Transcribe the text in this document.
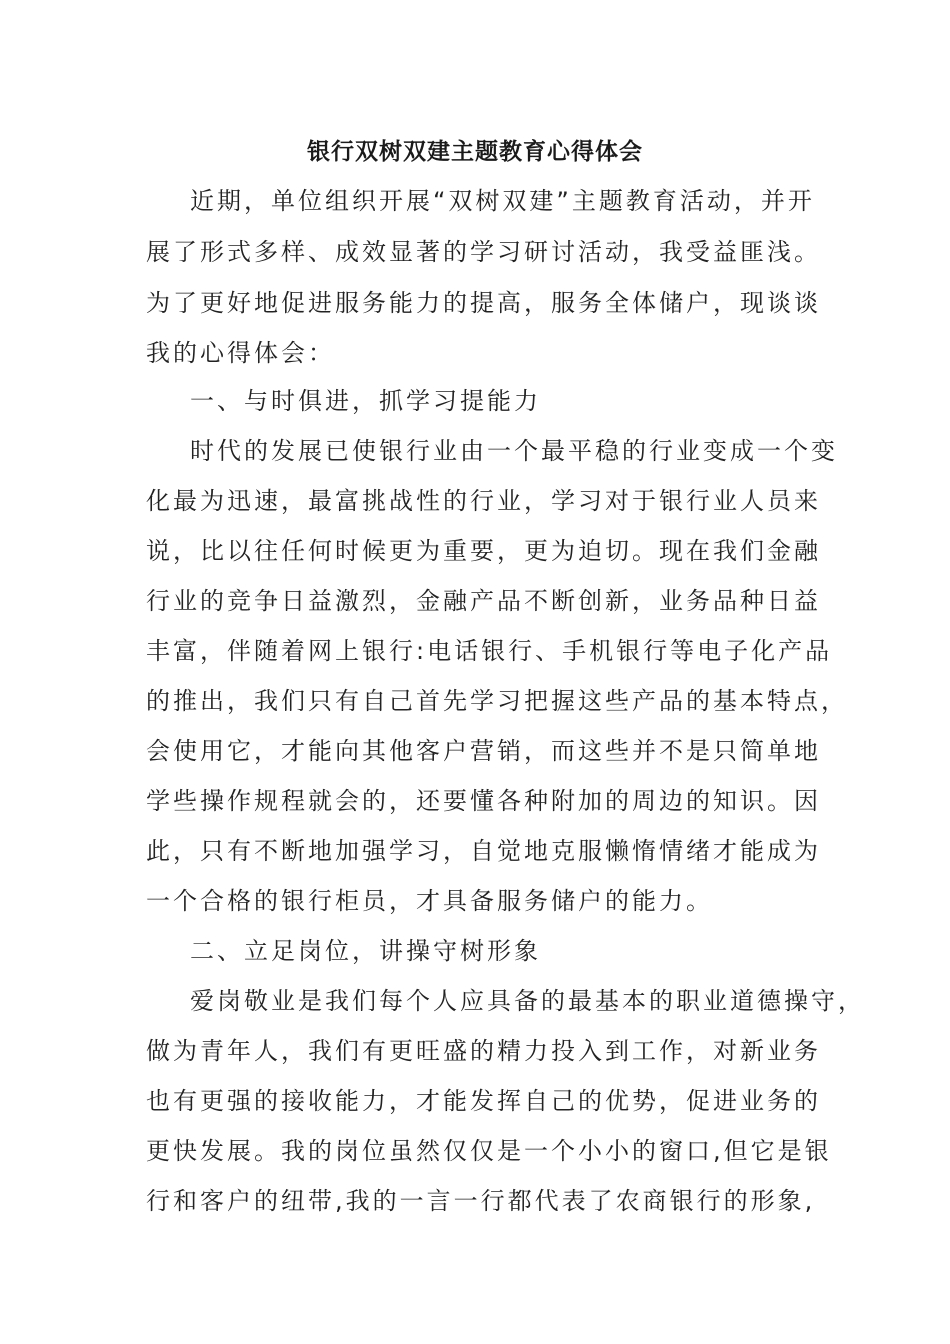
银行双树双建主题教育心得体会

近期，单位组织开展“双树双建”主题教育活动，并开

展了形式多样、成效显著的学习研讨活动，我受益匪浅。

为了更好地促进服务能力的提高，服务全体储户，现谈谈

我的心得体会：

一、与时俱进，抓学习提能力

时代的发展已使银行业由一个最平稳的行业变成一个变

化最为迅速，最富挑战性的行业，学习对于银行业人员来

说，比以往任何时候更为重要，更为迫切。现在我们金融

行业的竞争日益激烈，金融产品不断创新，业务品种日益

丰富，伴随着网上银行:电话银行、手机银行等电子化产品

的推出，我们只有自己首先学习把握这些产品的基本特点，

会使用它，才能向其他客户营销，而这些并不是只简单地

学些操作规程就会的，还要懂各种附加的周边的知识。因

此，只有不断地加强学习，自觉地克服懒惰情绪才能成为

一个合格的银行柜员，才具备服务储户的能力。

二、立足岗位，讲操守树形象

爱岗敬业是我们每个人应具备的最基本的职业道德操守，

做为青年人，我们有更旺盛的精力投入到工作，对新业务

也有更强的接收能力，才能发挥自己的优势，促进业务的

更快发展。我的岗位虽然仅仅是一个小小的窗口,但它是银

行和客户的纽带,我的一言一行都代表了农商银行的形象,
